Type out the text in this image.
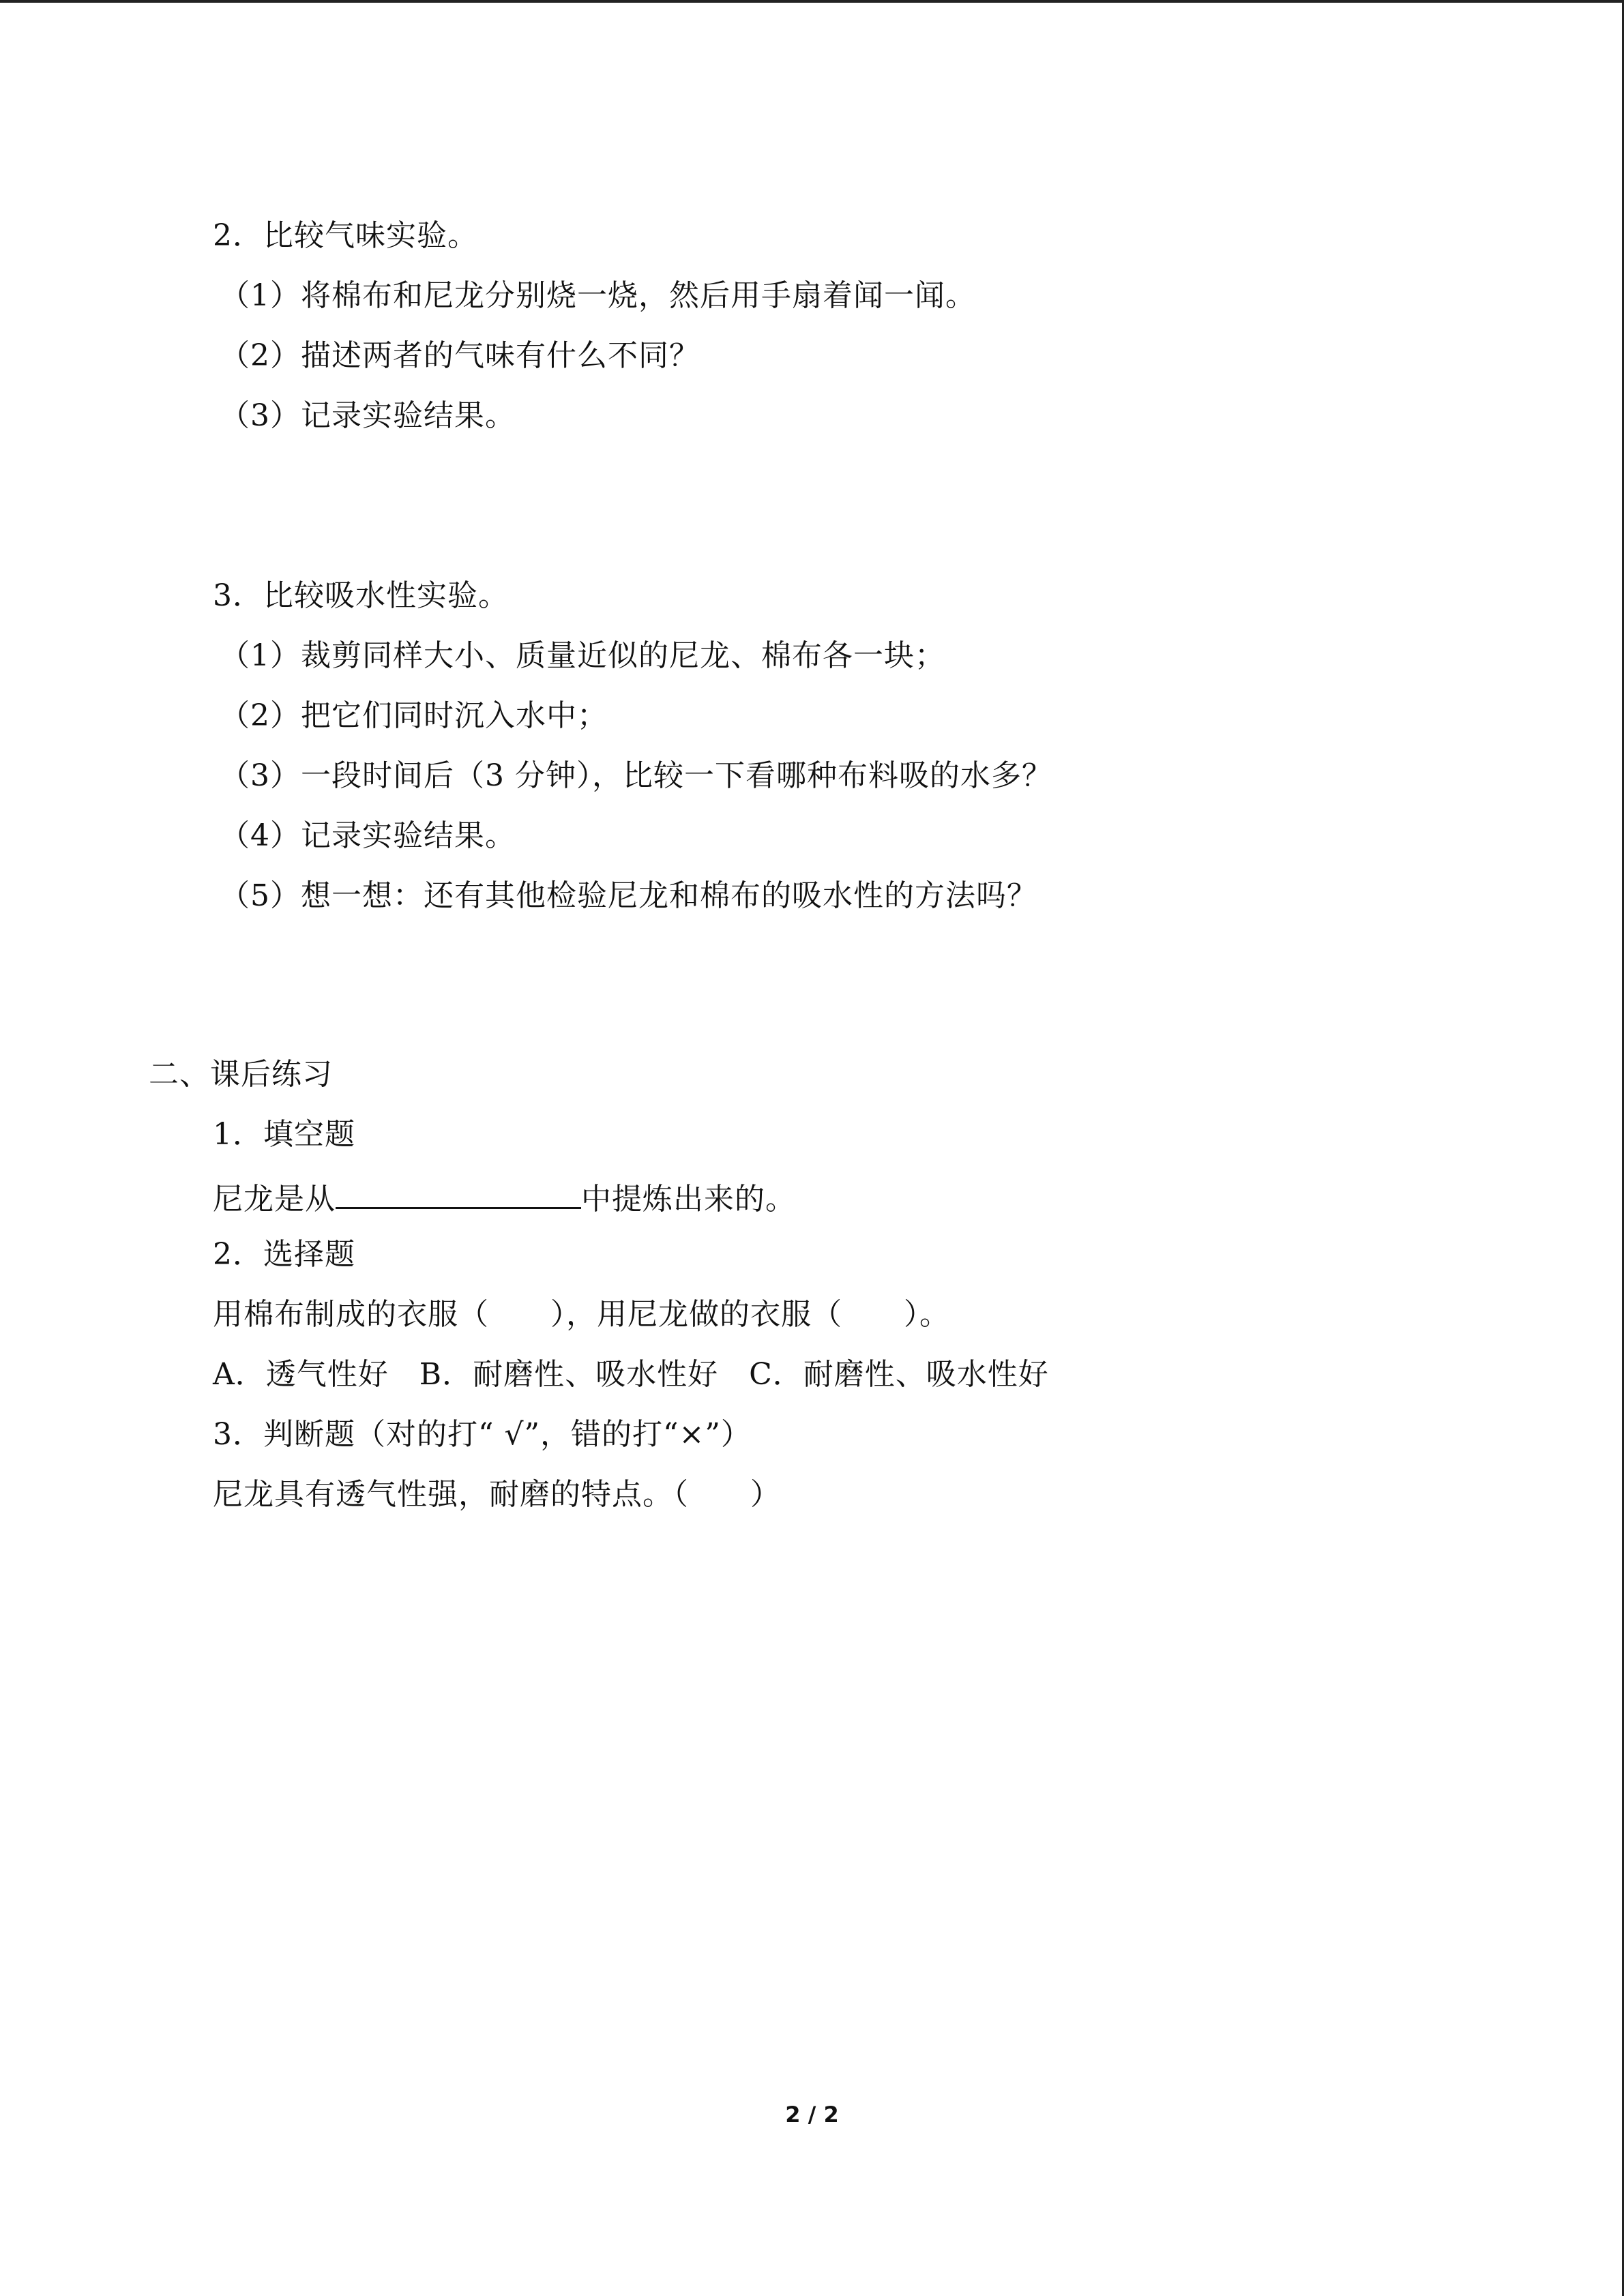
2．比较气味实验。
（1）将棉布和尼龙分别烧一烧，然后用手扇着闻一闻。
（2）描述两者的气味有什么不同？
（3）记录实验结果。
3．比较吸水性实验。
（1）裁剪同样大小、质量近似的尼龙、棉布各一块；
（2）把它们同时沉入水中；
（3）一段时间后（3 分钟），比较一下看哪种布料吸的水多？
（4）记录实验结果。
（5）想一想：还有其他检验尼龙和棉布的吸水性的方法吗？
二、课后练习
1．填空题
尼龙是从	中提炼出来的。
2．选择题
用棉布制成的衣服（　　），用尼龙做的衣服（　　）。
A．透气性好　B．耐磨性、吸水性好　C．耐磨性、吸水性好
3．判断题（对的打“ √”，错的打“×”）
尼龙具有透气性强，耐磨的特点。（　　）
2 / 2
